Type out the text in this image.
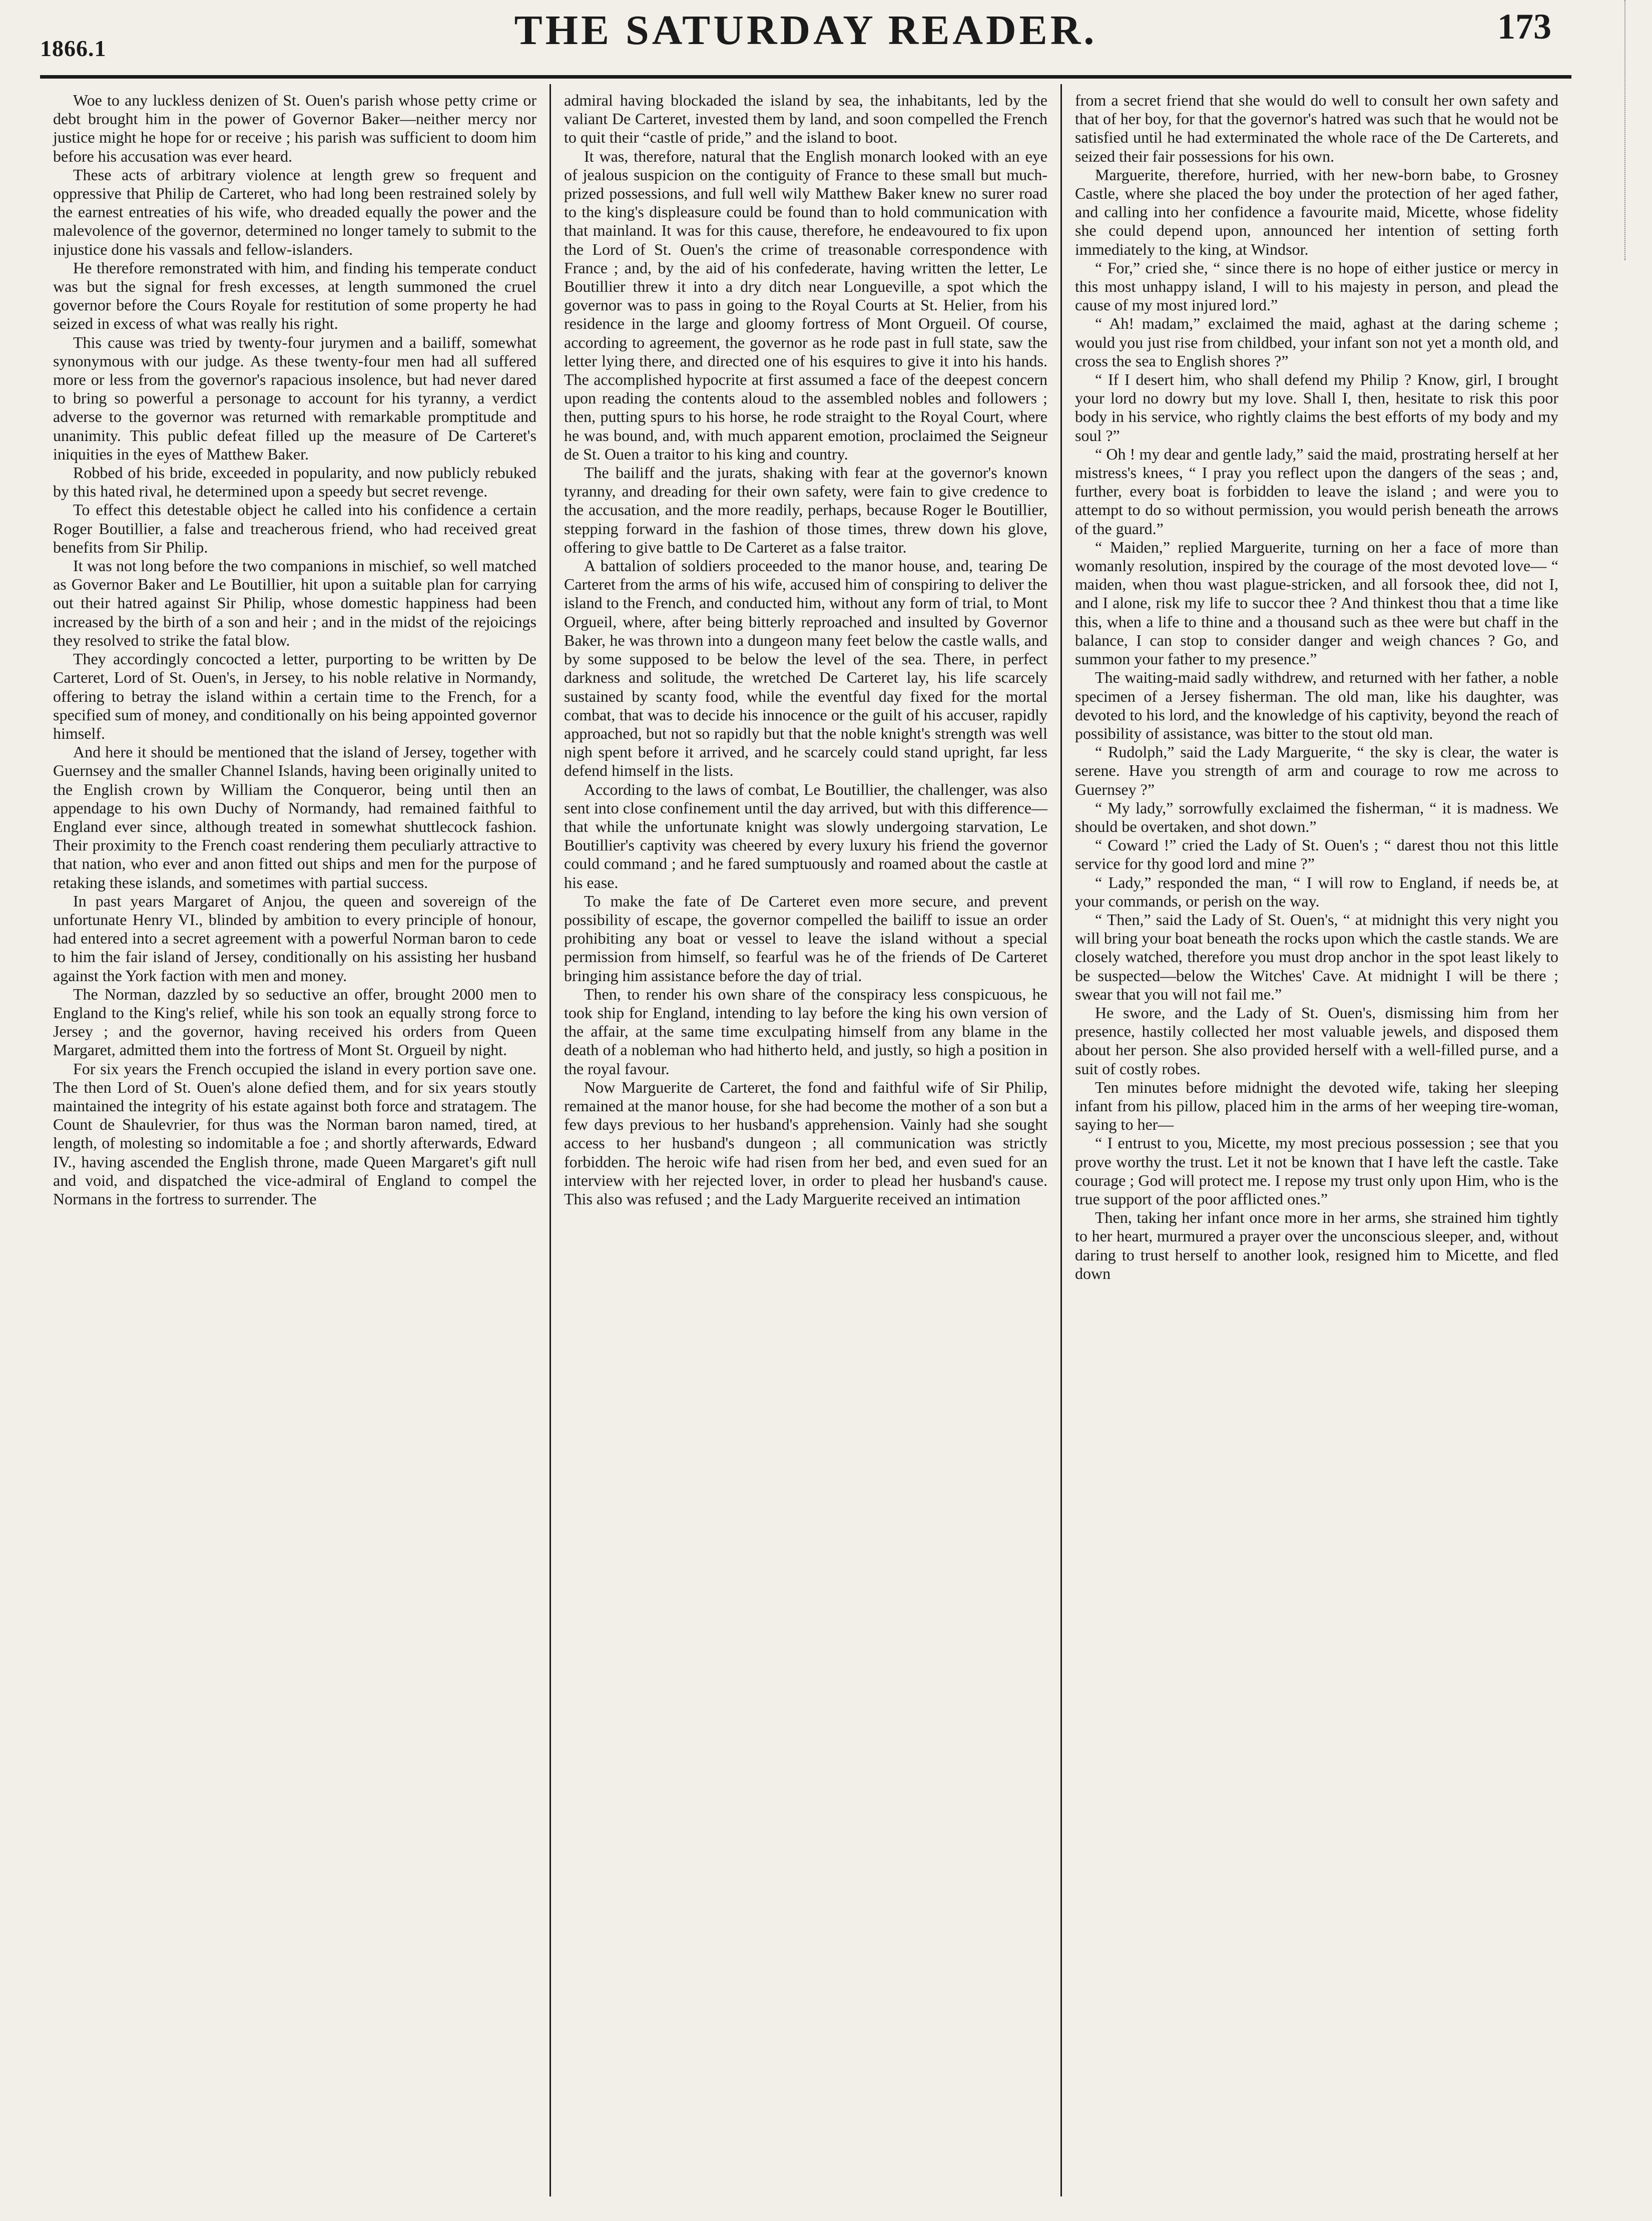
1866.1	THE SATURDAY READER.	173

Woe to any luckless denizen of St. Ouen's parish whose petty crime or debt brought him in the power of Governor Baker—neither mercy nor justice might he hope for or receive ; his parish was sufficient to doom him before his accusation was ever heard.

These acts of arbitrary violence at length grew so frequent and oppressive that Philip de Carteret, who had long been restrained solely by the earnest entreaties of his wife, who dreaded equally the power and the malevolence of the governor, determined no longer tamely to submit to the injustice done his vassals and fellow-islanders.

He therefore remonstrated with him, and finding his temperate conduct was but the signal for fresh excesses, at length summoned the cruel governor before the Cours Royale for restitution of some property he had seized in excess of what was really his right.

This cause was tried by twenty-four jurymen and a bailiff, somewhat synonymous with our judge. As these twenty-four men had all suffered more or less from the governor's rapacious insolence, but had never dared to bring so powerful a personage to account for his tyranny, a verdict adverse to the governor was returned with remarkable promptitude and unanimity. This public defeat filled up the measure of De Carteret's iniquities in the eyes of Matthew Baker.

Robbed of his bride, exceeded in popularity, and now publicly rebuked by this hated rival, he determined upon a speedy but secret revenge.

To effect this detestable object he called into his confidence a certain Roger Boutillier, a false and treacherous friend, who had received great benefits from Sir Philip.

It was not long before the two companions in mischief, so well matched as Governor Baker and Le Boutillier, hit upon a suitable plan for carrying out their hatred against Sir Philip, whose domestic happiness had been increased by the birth of a son and heir ; and in the midst of the rejoicings they resolved to strike the fatal blow.

They accordingly concocted a letter, purporting to be written by De Carteret, Lord of St. Ouen's, in Jersey, to his noble relative in Normandy, offering to betray the island within a certain time to the French, for a specified sum of money, and conditionally on his being appointed governor himself.

And here it should be mentioned that the island of Jersey, together with Guernsey and the smaller Channel Islands, having been originally united to the English crown by William the Conqueror, being until then an appendage to his own Duchy of Normandy, had remained faithful to England ever since, although treated in somewhat shuttlecock fashion. Their proximity to the French coast rendering them peculiarly attractive to that nation, who ever and anon fitted out ships and men for the purpose of retaking these islands, and sometimes with partial success.

In past years Margaret of Anjou, the queen and sovereign of the unfortunate Henry VI., blinded by ambition to every principle of honour, had entered into a secret agreement with a powerful Norman baron to cede to him the fair island of Jersey, conditionally on his assisting her husband against the York faction with men and money.

The Norman, dazzled by so seductive an offer, brought 2000 men to England to the King's relief, while his son took an equally strong force to Jersey ; and the governor, having received his orders from Queen Margaret, admitted them into the fortress of Mont St. Orgueil by night.

For six years the French occupied the island in every portion save one. The then Lord of St. Ouen's alone defied them, and for six years stoutly maintained the integrity of his estate against both force and stratagem. The Count de Shaulevrier, for thus was the Norman baron named, tired, at length, of molesting so indomitable a foe ; and shortly afterwards, Edward IV., having ascended the English throne, made Queen Margaret's gift null and void, and dispatched the vice-admiral of England to compel the Normans in the fortress to surrender. The

admiral having blockaded the island by sea, the inhabitants, led by the valiant De Carteret, invested them by land, and soon compelled the French to quit their “castle of pride,” and the island to boot.

It was, therefore, natural that the English monarch looked with an eye of jealous suspicion on the contiguity of France to these small but much-prized possessions, and full well wily Matthew Baker knew no surer road to the king's displeasure could be found than to hold communication with that mainland. It was for this cause, therefore, he endeavoured to fix upon the Lord of St. Ouen's the crime of treasonable correspondence with France ; and, by the aid of his confederate, having written the letter, Le Boutillier threw it into a dry ditch near Longueville, a spot which the governor was to pass in going to the Royal Courts at St. Helier, from his residence in the large and gloomy fortress of Mont Orgueil. Of course, according to agreement, the governor as he rode past in full state, saw the letter lying there, and directed one of his esquires to give it into his hands. The accomplished hypocrite at first assumed a face of the deepest concern upon reading the contents aloud to the assembled nobles and followers ; then, putting spurs to his horse, he rode straight to the Royal Court, where he was bound, and, with much apparent emotion, proclaimed the Seigneur de St. Ouen a traitor to his king and country.

The bailiff and the jurats, shaking with fear at the governor's known tyranny, and dreading for their own safety, were fain to give credence to the accusation, and the more readily, perhaps, because Roger le Boutillier, stepping forward in the fashion of those times, threw down his glove, offering to give battle to De Carteret as a false traitor.

A battalion of soldiers proceeded to the manor house, and, tearing De Carteret from the arms of his wife, accused him of conspiring to deliver the island to the French, and conducted him, without any form of trial, to Mont Orgueil, where, after being bitterly reproached and insulted by Governor Baker, he was thrown into a dungeon many feet below the castle walls, and by some supposed to be below the level of the sea. There, in perfect darkness and solitude, the wretched De Carteret lay, his life scarcely sustained by scanty food, while the eventful day fixed for the mortal combat, that was to decide his innocence or the guilt of his accuser, rapidly approached, but not so rapidly but that the noble knight's strength was well nigh spent before it arrived, and he scarcely could stand upright, far less defend himself in the lists.

According to the laws of combat, Le Boutillier, the challenger, was also sent into close confinement until the day arrived, but with this difference—that while the unfortunate knight was slowly undergoing starvation, Le Boutillier's captivity was cheered by every luxury his friend the governor could command ; and he fared sumptuously and roamed about the castle at his ease.

To make the fate of De Carteret even more secure, and prevent possibility of escape, the governor compelled the bailiff to issue an order prohibiting any boat or vessel to leave the island without a special permission from himself, so fearful was he of the friends of De Carteret bringing him assistance before the day of trial.

Then, to render his own share of the conspiracy less conspicuous, he took ship for England, intending to lay before the king his own version of the affair, at the same time exculpating himself from any blame in the death of a nobleman who had hitherto held, and justly, so high a position in the royal favour.

Now Marguerite de Carteret, the fond and faithful wife of Sir Philip, remained at the manor house, for she had become the mother of a son but a few days previous to her husband's apprehension. Vainly had she sought access to her husband's dungeon ; all communication was strictly forbidden. The heroic wife had risen from her bed, and even sued for an interview with her rejected lover, in order to plead her husband's cause. This also was refused ; and the Lady Marguerite received an intimation

from a secret friend that she would do well to consult her own safety and that of her boy, for that the governor's hatred was such that he would not be satisfied until he had exterminated the whole race of the De Carterets, and seized their fair possessions for his own.

Marguerite, therefore, hurried, with her new-born babe, to Grosney Castle, where she placed the boy under the protection of her aged father, and calling into her confidence a favourite maid, Micette, whose fidelity she could depend upon, announced her intention of setting forth immediately to the king, at Windsor.

“ For,” cried she, “ since there is no hope of either justice or mercy in this most unhappy island, I will to his majesty in person, and plead the cause of my most injured lord.”

“ Ah! madam,” exclaimed the maid, aghast at the daring scheme ; would you just rise from childbed, your infant son not yet a month old, and cross the sea to English shores ?”

“ If I desert him, who shall defend my Philip ? Know, girl, I brought your lord no dowry but my love. Shall I, then, hesitate to risk this poor body in his service, who rightly claims the best efforts of my body and my soul ?”

“ Oh ! my dear and gentle lady,” said the maid, prostrating herself at her mistress's knees, “ I pray you reflect upon the dangers of the seas ; and, further, every boat is forbidden to leave the island ; and were you to attempt to do so without permission, you would perish beneath the arrows of the guard.”

“ Maiden,” replied Marguerite, turning on her a face of more than womanly resolution, inspired by the courage of the most devoted love— “ maiden, when thou wast plague-stricken, and all forsook thee, did not I, and I alone, risk my life to succor thee ? And thinkest thou that a time like this, when a life to thine and a thousand such as thee were but chaff in the balance, I can stop to consider danger and weigh chances ? Go, and summon your father to my presence.”

The waiting-maid sadly withdrew, and returned with her father, a noble specimen of a Jersey fisherman. The old man, like his daughter, was devoted to his lord, and the knowledge of his captivity, beyond the reach of possibility of assistance, was bitter to the stout old man.

“ Rudolph,” said the Lady Marguerite, “ the sky is clear, the water is serene. Have you strength of arm and courage to row me across to Guernsey ?”

“ My lady,” sorrowfully exclaimed the fisherman, “ it is madness. We should be overtaken, and shot down.”

“ Coward !” cried the Lady of St. Ouen's ; “ darest thou not this little service for thy good lord and mine ?”

“ Lady,” responded the man, “ I will row to England, if needs be, at your commands, or perish on the way.

“ Then,” said the Lady of St. Ouen's, “ at midnight this very night you will bring your boat beneath the rocks upon which the castle stands. We are closely watched, therefore you must drop anchor in the spot least likely to be suspected—below the Witches' Cave. At midnight I will be there ; swear that you will not fail me.”

He swore, and the Lady of St. Ouen's, dismissing him from her presence, hastily collected her most valuable jewels, and disposed them about her person. She also provided herself with a well-filled purse, and a suit of costly robes.

Ten minutes before midnight the devoted wife, taking her sleeping infant from his pillow, placed him in the arms of her weeping tire-woman, saying to her—

“ I entrust to you, Micette, my most precious possession ; see that you prove worthy the trust. Let it not be known that I have left the castle. Take courage ; God will protect me. I repose my trust only upon Him, who is the true support of the poor afflicted ones.”

Then, taking her infant once more in her arms, she strained him tightly to her heart, murmured a prayer over the unconscious sleeper, and, without daring to trust herself to another look, resigned him to Micette, and fled down
